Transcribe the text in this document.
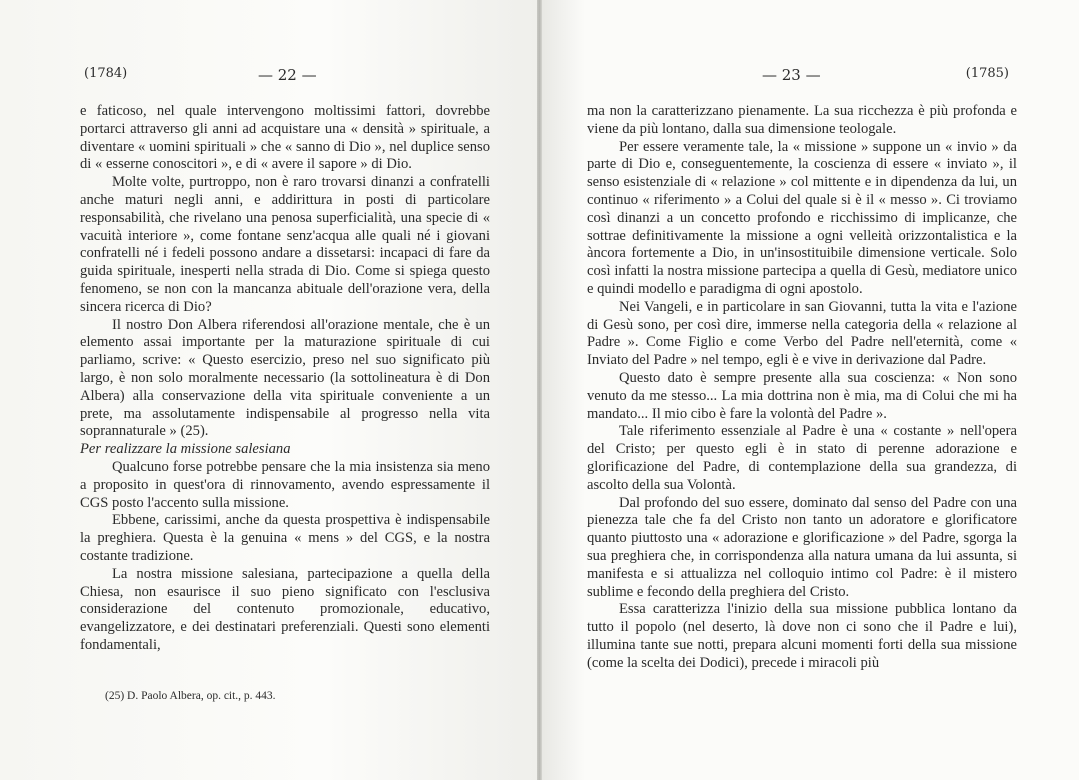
(1784)	— 22 —

e faticoso, nel quale intervengono moltissimi fattori, dovrebbe portarci attraverso gli anni ad acquistare una « densità » spirituale, a diventare « uomini spirituali » che « sanno di Dio », nel duplice senso di « esserne conoscitori », e di « avere il sapore » di Dio.

Molte volte, purtroppo, non è raro trovarsi dinanzi a confratelli anche maturi negli anni, e addirittura in posti di particolare responsabilità, che rivelano una penosa superficialità, una specie di « vacuità interiore », come fontane senz'acqua alle quali né i giovani confratelli né i fedeli possono andare a dissetarsi: incapaci di fare da guida spirituale, inesperti nella strada di Dio. Come si spiega questo fenomeno, se non con la mancanza abituale dell'orazione vera, della sincera ricerca di Dio?

Il nostro Don Albera riferendosi all'orazione mentale, che è un elemento assai importante per la maturazione spirituale di cui parliamo, scrive: « Questo esercizio, preso nel suo significato più largo, è non solo moralmente necessario (la sottolineatura è di Don Albera) alla conservazione della vita spirituale conveniente a un prete, ma assolutamente indispensabile al progresso nella vita soprannaturale » (25).

Per realizzare la missione salesiana

Qualcuno forse potrebbe pensare che la mia insistenza sia meno a proposito in quest'ora di rinnovamento, avendo espressamente il CGS posto l'accento sulla missione.

Ebbene, carissimi, anche da questa prospettiva è indispensabile la preghiera. Questa è la genuina « mens » del CGS, e la nostra costante tradizione.

La nostra missione salesiana, partecipazione a quella della Chiesa, non esaurisce il suo pieno significato con l'esclusiva considerazione del contenuto promozionale, educativo, evangelizzatore, e dei destinatari preferenziali. Questi sono elementi fondamentali,

(25) D. Paolo Albera, op. cit., p. 443.
— 23 —	(1785)

ma non la caratterizzano pienamente. La sua ricchezza è più profonda e viene da più lontano, dalla sua dimensione teologale.

Per essere veramente tale, la « missione » suppone un « invio » da parte di Dio e, conseguentemente, la coscienza di essere « inviato », il senso esistenziale di « relazione » col mittente e in dipendenza da lui, un continuo « riferimento » a Colui del quale si è il « messo ». Ci troviamo così dinanzi a un concetto profondo e ricchissimo di implicanze, che sottrae definitivamente la missione a ogni velleità orizzontalistica e la àncora fortemente a Dio, in un'insostituibile dimensione verticale. Solo così infatti la nostra missione partecipa a quella di Gesù, mediatore unico e quindi modello e paradigma di ogni apostolo.

Nei Vangeli, e in particolare in san Giovanni, tutta la vita e l'azione di Gesù sono, per così dire, immerse nella categoria della « relazione al Padre ». Come Figlio e come Verbo del Padre nell'eternità, come « Inviato del Padre » nel tempo, egli è e vive in derivazione dal Padre.

Questo dato è sempre presente alla sua coscienza: « Non sono venuto da me stesso... La mia dottrina non è mia, ma di Colui che mi ha mandato... Il mio cibo è fare la volontà del Padre ».

Tale riferimento essenziale al Padre è una « costante » nell'opera del Cristo; per questo egli è in stato di perenne adorazione e glorificazione del Padre, di contemplazione della sua grandezza, di ascolto della sua Volontà.

Dal profondo del suo essere, dominato dal senso del Padre con una pienezza tale che fa del Cristo non tanto un adoratore e glorificatore quanto piuttosto una « adorazione e glorificazione » del Padre, sgorga la sua preghiera che, in corrispondenza alla natura umana da lui assunta, si manifesta e si attualizza nel colloquio intimo col Padre: è il mistero sublime e fecondo della preghiera del Cristo.

Essa caratterizza l'inizio della sua missione pubblica lontano da tutto il popolo (nel deserto, là dove non ci sono che il Padre e lui), illumina tante sue notti, prepara alcuni momenti forti della sua missione (come la scelta dei Dodici), precede i miracoli più
